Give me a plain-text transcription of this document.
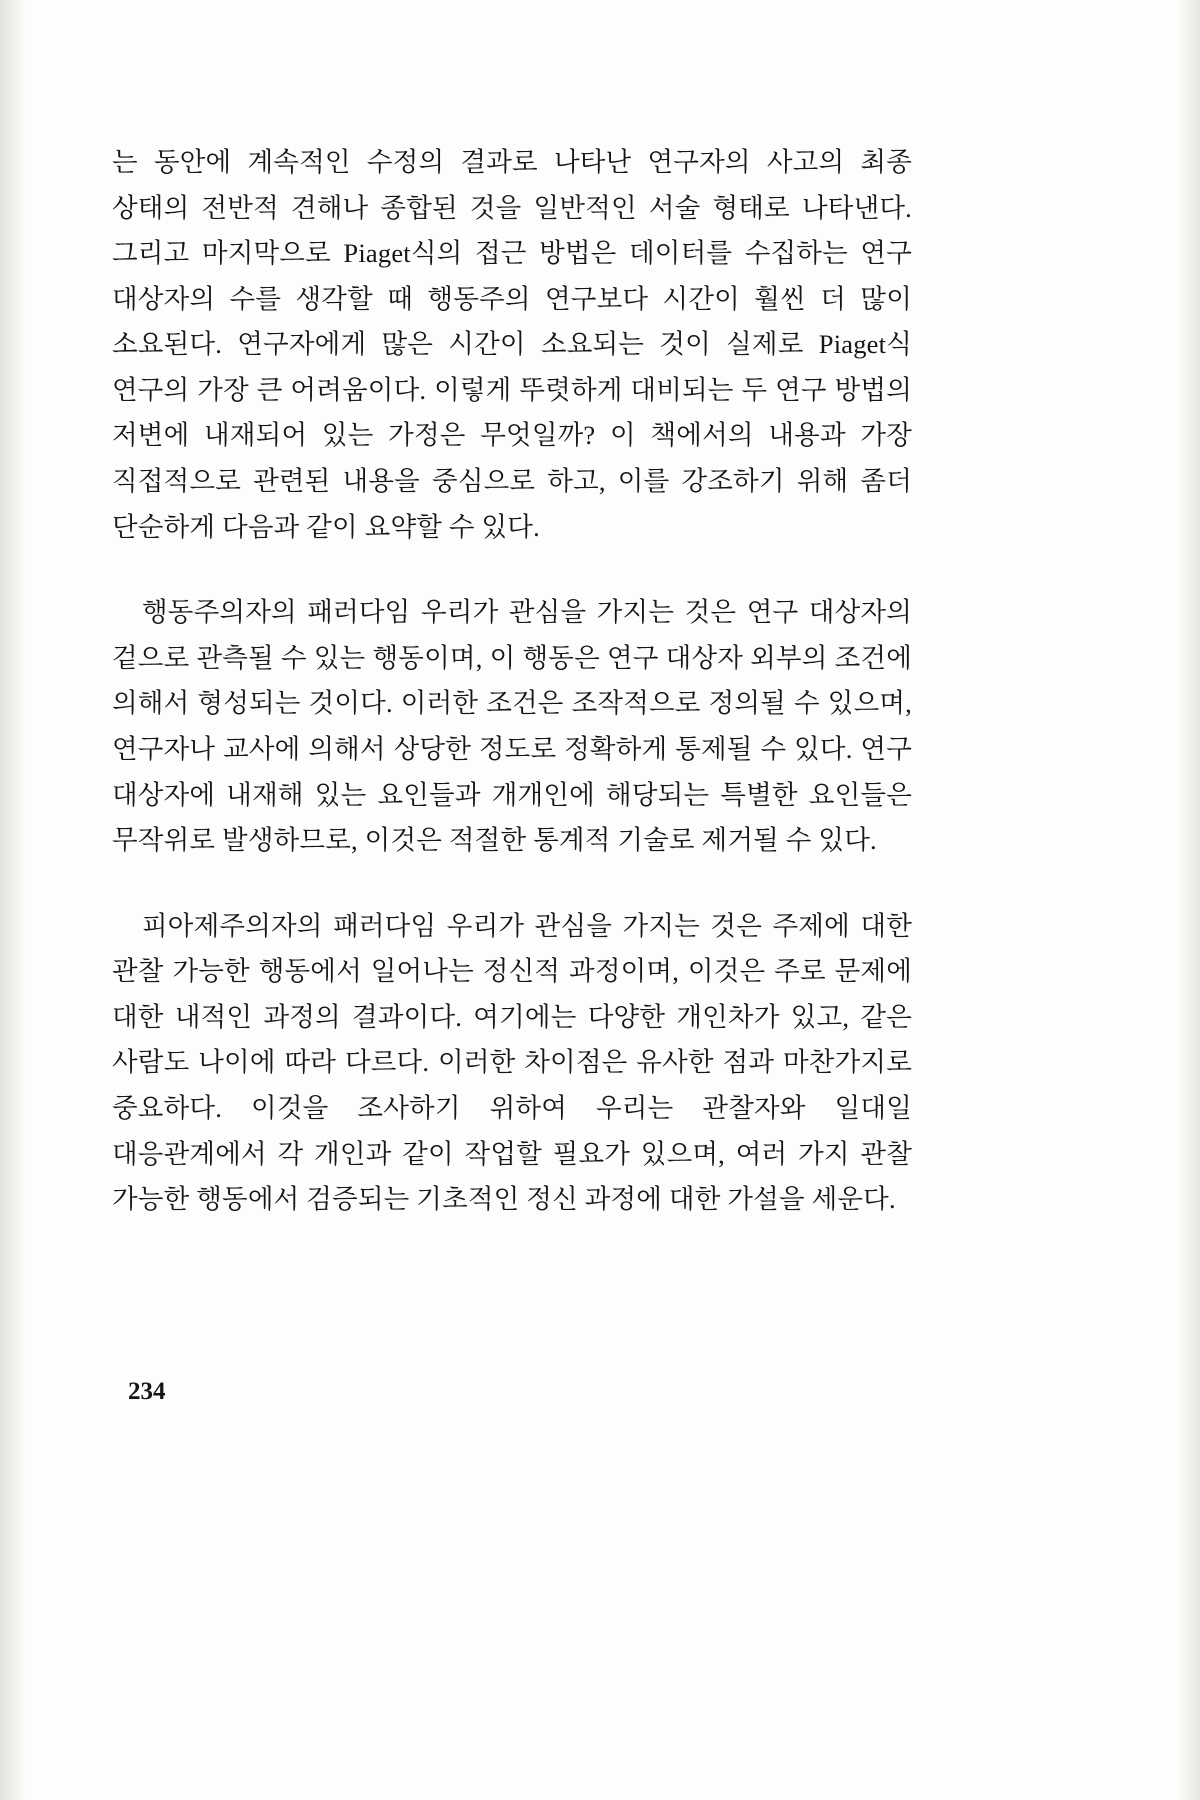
는 동안에 계속적인 수정의 결과로 나타난 연구자의 사고의 최종 상태의 전반적 견해나 종합된 것을 일반적인 서술 형태로 나타낸다. 그리고 마지막으로 Piaget식의 접근 방법은 데이터를 수집하는 연구 대상자의 수를 생각할 때 행동주의 연구보다 시간이 훨씬 더 많이 소요된다. 연구자에게 많은 시간이 소요되는 것이 실제로 Piaget식 연구의 가장 큰 어려움이다. 이렇게 뚜렷하게 대비되는 두 연구 방법의 저변에 내재되어 있는 가정은 무엇일까? 이 책에서의 내용과 가장 직접적으로 관련된 내용을 중심으로 하고, 이를 강조하기 위해 좀더 단순하게 다음과 같이 요약할 수 있다.

행동주의자의 패러다임 우리가 관심을 가지는 것은 연구 대상자의 겉으로 관측될 수 있는 행동이며, 이 행동은 연구 대상자 외부의 조건에 의해서 형성되는 것이다. 이러한 조건은 조작적으로 정의될 수 있으며, 연구자나 교사에 의해서 상당한 정도로 정확하게 통제될 수 있다. 연구 대상자에 내재해 있는 요인들과 개개인에 해당되는 특별한 요인들은 무작위로 발생하므로, 이것은 적절한 통계적 기술로 제거될 수 있다.

피아제주의자의 패러다임 우리가 관심을 가지는 것은 주제에 대한 관찰 가능한 행동에서 일어나는 정신적 과정이며, 이것은 주로 문제에 대한 내적인 과정의 결과이다. 여기에는 다양한 개인차가 있고, 같은 사람도 나이에 따라 다르다. 이러한 차이점은 유사한 점과 마찬가지로 중요하다. 이것을 조사하기 위하여 우리는 관찰자와 일대일 대응관계에서 각 개인과 같이 작업할 필요가 있으며, 여러 가지 관찰 가능한 행동에서 검증되는 기초적인 정신 과정에 대한 가설을 세운다.

234
